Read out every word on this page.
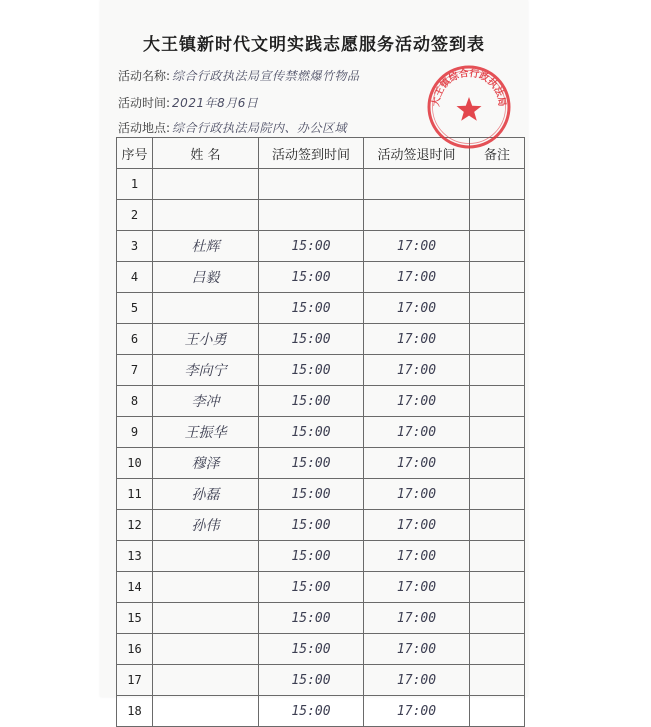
大王镇新时代文明实践志愿服务活动签到表
活动名称: 综合行政执法局宣传禁燃爆竹物品
活动时间: 2021年8月6日
活动地点: 综合行政执法局院内、办公区域
序号	姓 名	活动签到时间	活动签退时间	备注
1				
2				
3	杜辉	15:00	17:00	
4	吕毅	15:00	17:00	
5		15:00	17:00	
6	王小勇	15:00	17:00	
7	李向宁	15:00	17:00	
8	李冲	15:00	17:00	
9	王振华	15:00	17:00	
10	穆泽	15:00	17:00	
11	孙磊	15:00	17:00	
12	孙伟	15:00	17:00	
13		15:00	17:00	
14		15:00	17:00	
15		15:00	17:00	
16		15:00	17:00	
17		15:00	17:00	
18		15:00	17:00	
大王镇综合行政执法局
